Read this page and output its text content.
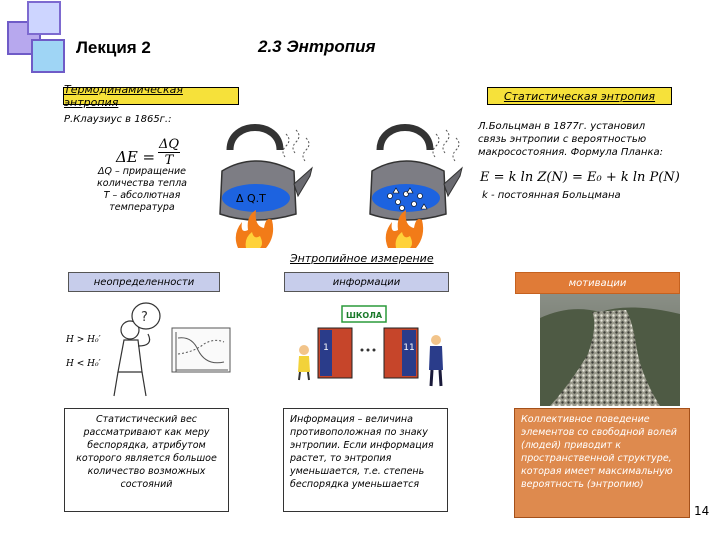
Лекция 2	2.3 Энтропия
Термодинамическая энтропия	Статистическая энтропия
Р.Клаузиус в 1865г.:
$\Delta E = \frac{\Delta Q}{T}$
ΔQ – приращение
количества тепла
Т – абсолютная
температура
Δ Q.T
Л.Больцман в 1877г. установил
связь энтропии с вероятностью
макросостояния. Формула Планка:
E = k ln Z(N) = E₀ + k ln P(N)
k - постоянная Больцмана
Энтропийное измерение
неопределенности	информации	мотивации
H > H₀′
H < H₀′
?	ШКОЛА
1	11
Статистический вес рассматривают как меру беспорядка, атрибутом которого является большое количество возможных состояний
Информация – величина противоположная по знаку энтропии. Если информация растет, то энтропия уменьшается, т.е. степень беспорядка уменьшается
Коллективное поведение элементов со свободной волей (людей) приводит к пространственной структуре, которая имеет максимальную вероятность (энтропию)
14
